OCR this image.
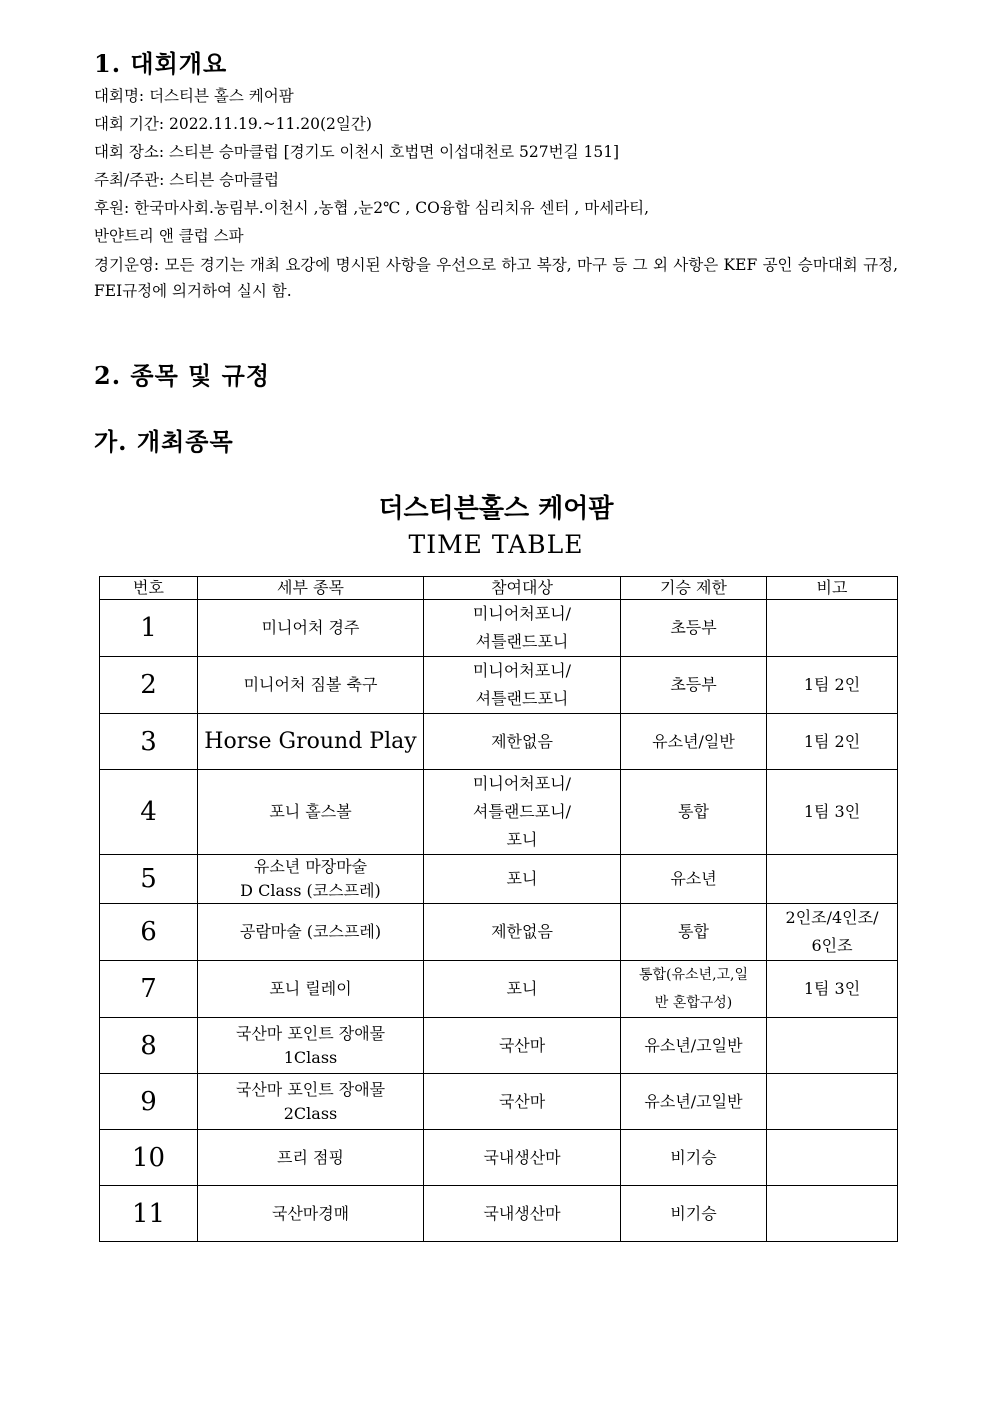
1. 대회개요

대회명: 더스티븐 홀스 케어팜

대회 기간: 2022.11.19.~11.20(2일간)

대회 장소: 스티븐 승마클럽 [경기도 이천시 호법면 이섭대천로 527번길 151]

주최/주관: 스티븐 승마클럽

후원: 한국마사회.농림부.이천시 ,농협 ,눈2℃ , CO융합 심리치유 센터 , 마세라티,

반얀트리 앤 클럽 스파

경기운영: 모든 경기는 개최 요강에 명시된 사항을 우선으로 하고 복장, 마구 등 그 외 사항은 KEF 공인 승마대회 규정, FEI규정에 의거하여 실시 함.

2. 종목 및 규정
가. 개최종목
더스티븐홀스 케어팜
TIME TABLE
번호	세부 종목	참여대상	기승 제한	비고

1	미니어처 경주	미니어처포니/
셔틀랜드포니	초등부	

2	미니어처 짐볼 축구	미니어처포니/
셔틀랜드포니	초등부	1팀 2인

3	Horse Ground Play	제한없음	유소년/일반	1팀 2인

4	포니 홀스볼	미니어처포니/
셔틀랜드포니/
포니	통합	1팀 3인

5	유소년 마장마술
D Class (코스프레)	포니	유소년	

6	공람마술 (코스프레)	제한없음	통합	2인조/4인조/
6인조

7	포니 릴레이	포니	통합(유소년,고,일
반 혼합구성)	1팀 3인

8	국산마 포인트 장애물
1Class	국산마	유소년/고일반	

9	국산마 포인트 장애물
2Class	국산마	유소년/고일반	

10	프리 점핑	국내생산마	비기승	

11	국산마경매	국내생산마	비기승	
